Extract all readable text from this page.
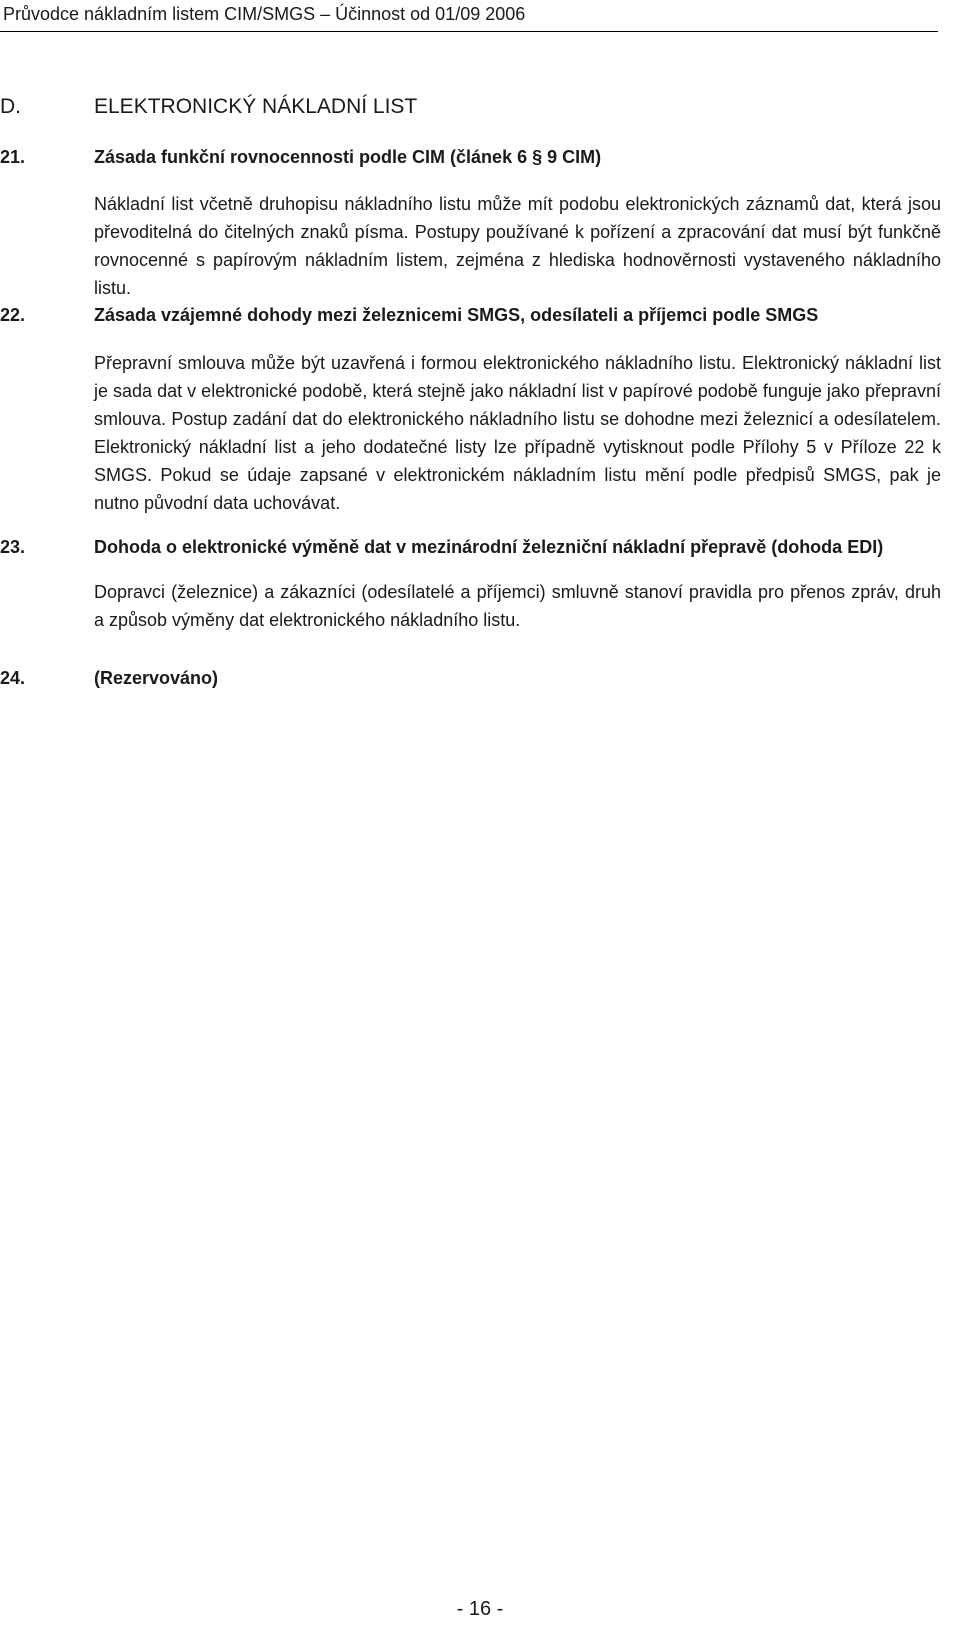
Průvodce nákladním listem CIM/SMGS – Účinnost od 01/09 2006
D.	ELEKTRONICKÝ NÁKLADNÍ LIST
21.	Zásada funkční rovnocennosti podle CIM (článek 6 § 9 CIM)
Nákladní list včetně druhopisu nákladního listu může mít podobu elektronických záznamů dat, která jsou převoditelná do čitelných znaků písma. Postupy používané k pořízení a zpracování dat musí být funkčně rovnocenné s papírovým nákladním listem, zejména z hlediska hodnověrnosti vystaveného nákladního listu.
22.	Zásada vzájemné dohody mezi železnicemi SMGS, odesílateli a příjemci podle SMGS
Přepravní smlouva může být uzavřená i formou elektronického nákladního listu. Elektronický nákladní list je sada dat v elektronické podobě, která stejně jako nákladní list v papírové podobě funguje jako přepravní smlouva. Postup zadání dat do elektronického nákladního listu se dohodne mezi železnicí a odesílatelem. Elektronický nákladní list a jeho dodatečné listy lze případně vytisknout podle Přílohy 5 v Příloze 22 k SMGS. Pokud se údaje zapsané v elektronickém nákladním listu mění podle předpisů SMGS, pak je nutno původní data uchovávat.
23.	Dohoda o elektronické výměně dat v mezinárodní železniční nákladní přepravě (dohoda EDI)
Dopravci (železnice) a zákazníci (odesílatelé a příjemci) smluvně stanoví pravidla pro přenos zpráv, druh a způsob výměny dat elektronického nákladního listu.
24.	(Rezervováno)
- 16 -
